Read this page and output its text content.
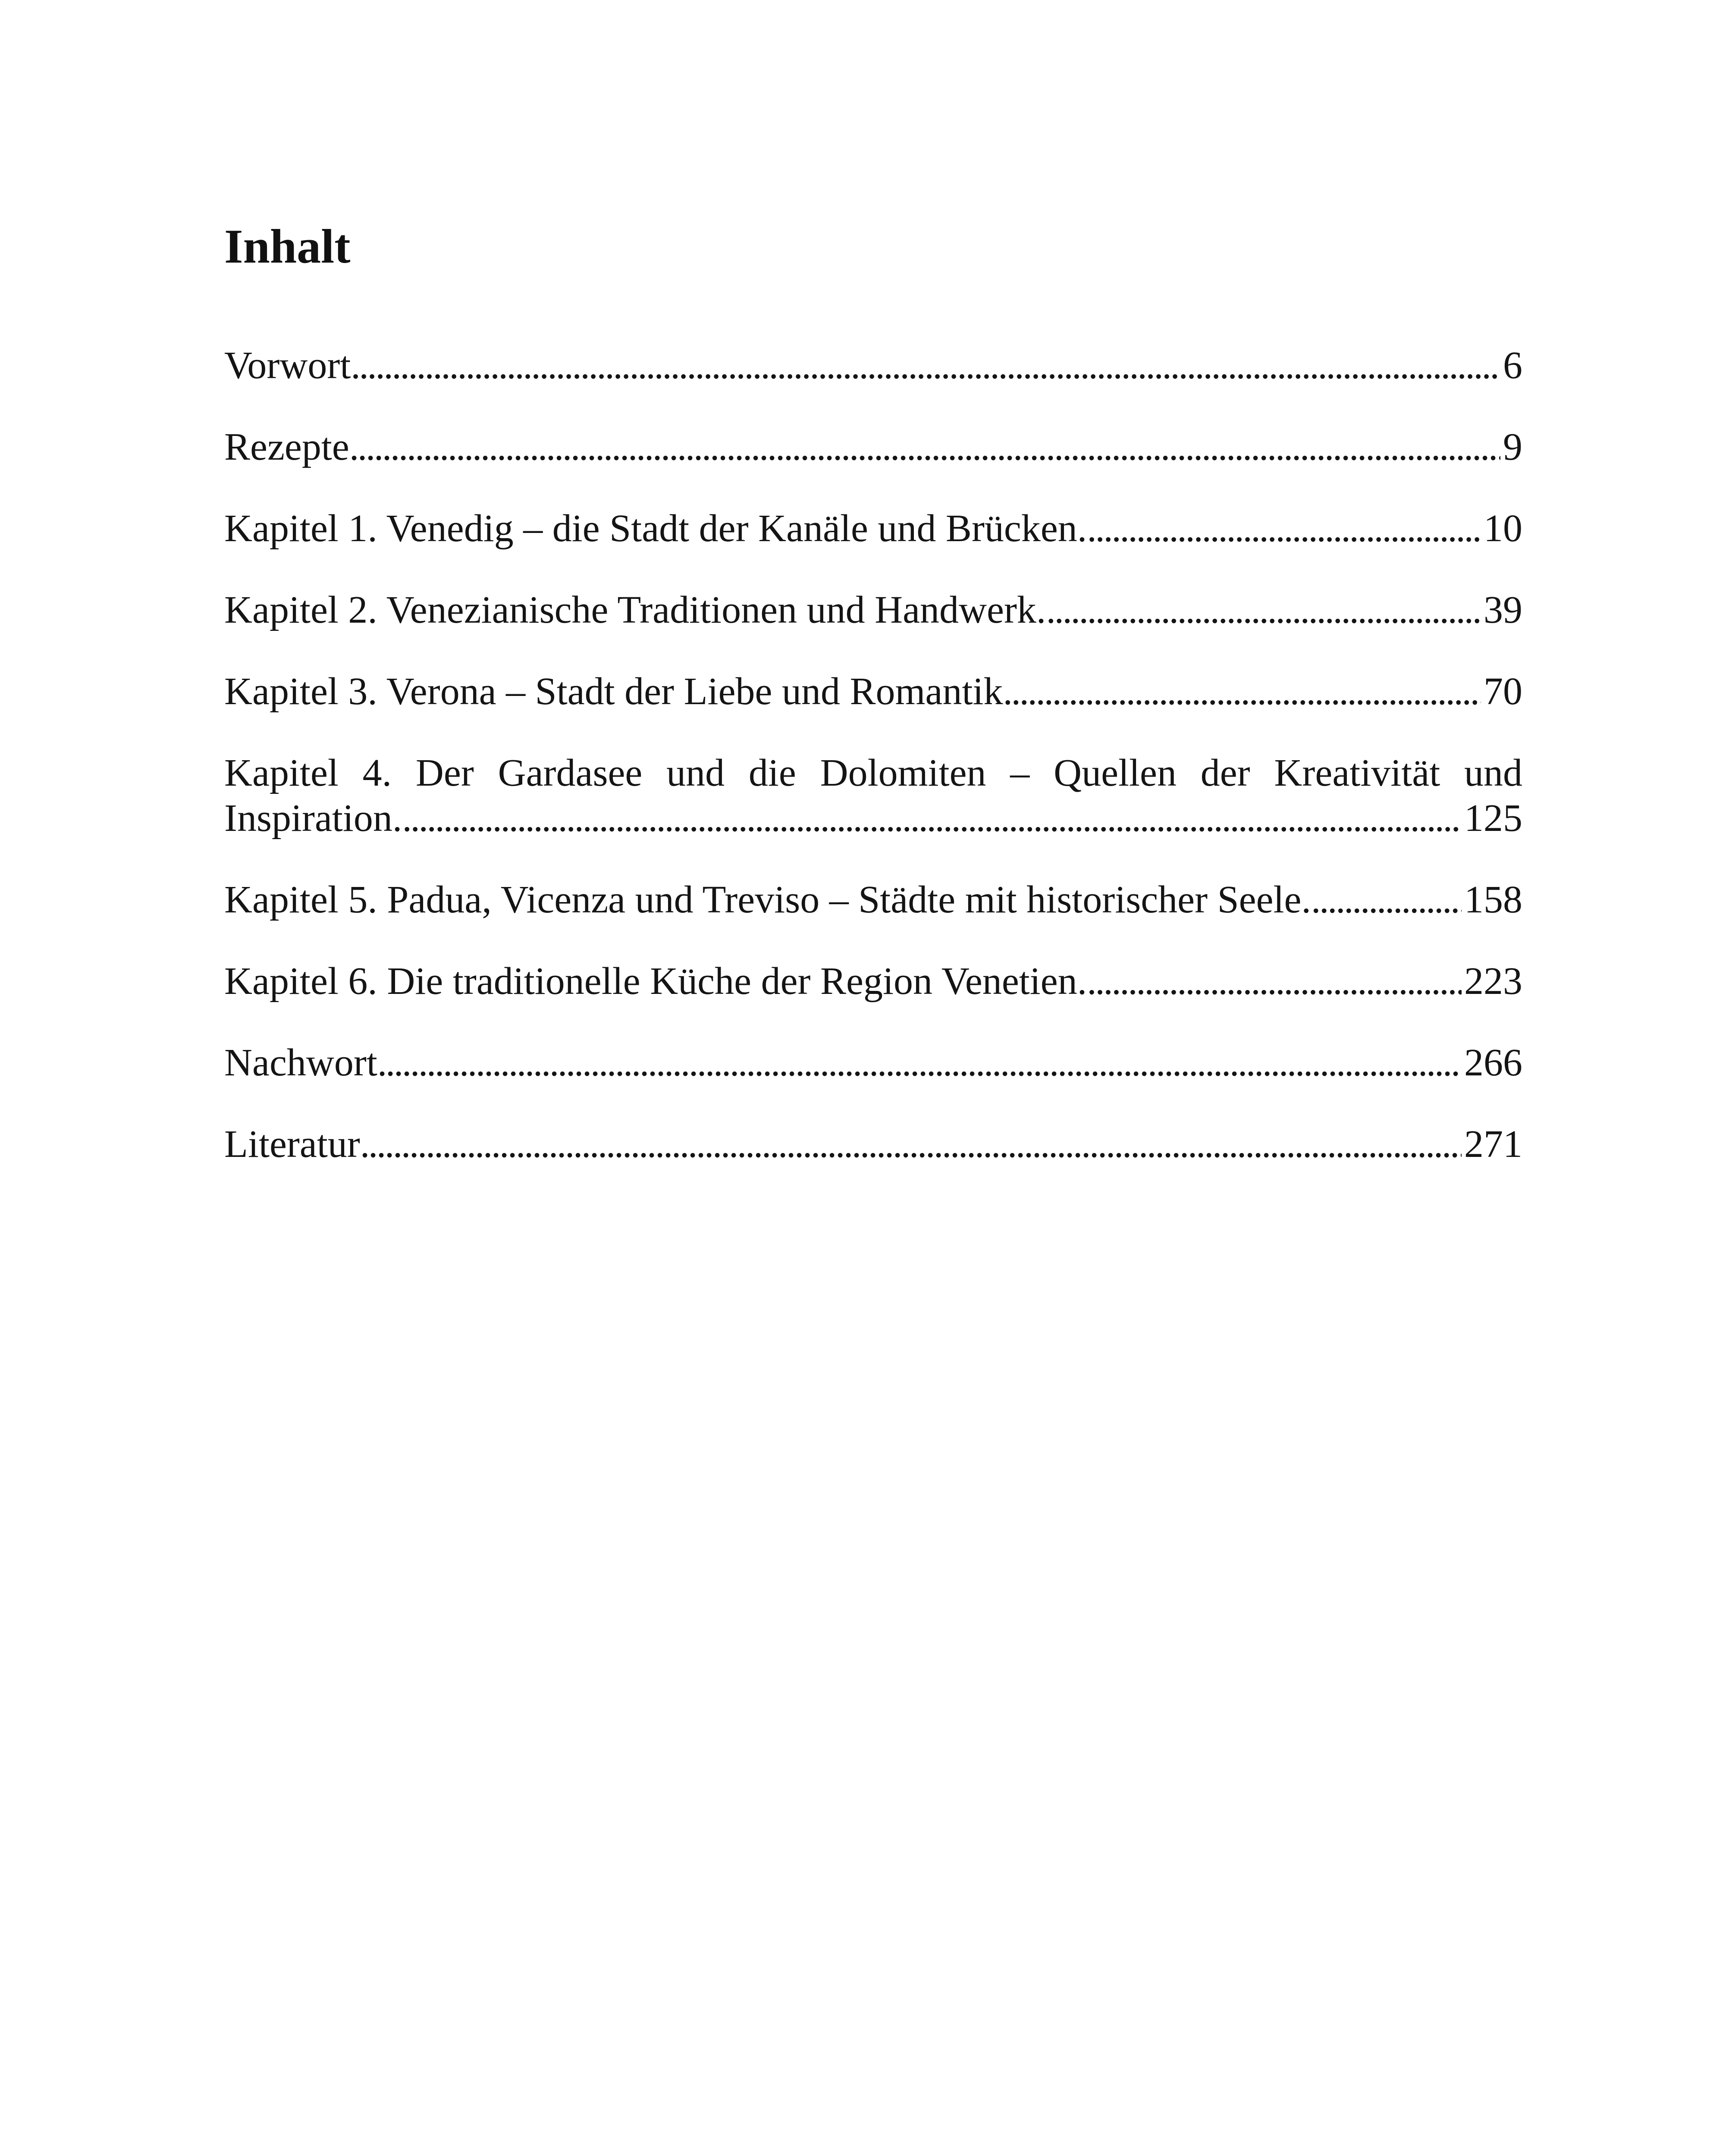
Inhalt
Vorwort . . .	6
Rezepte . . .	9
Kapitel 1. Venedig – die Stadt der Kanäle und Brücken. . . .	10
Kapitel 2. Venezianische Traditionen und Handwerk. . . .	39
Kapitel 3. Verona – Stadt der Liebe und Romantik . . .	70
Kapitel 4. Der Gardasee und die Dolomiten – Quellen der Kreativität und
Inspiration. . . .	125
Kapitel 5. Padua, Vicenza und Treviso – Städte mit historischer Seele. . . .	158
Kapitel 6. Die traditionelle Küche der Region Venetien. . . .	223
Nachwort . . .	266
Literatur . . .	271
